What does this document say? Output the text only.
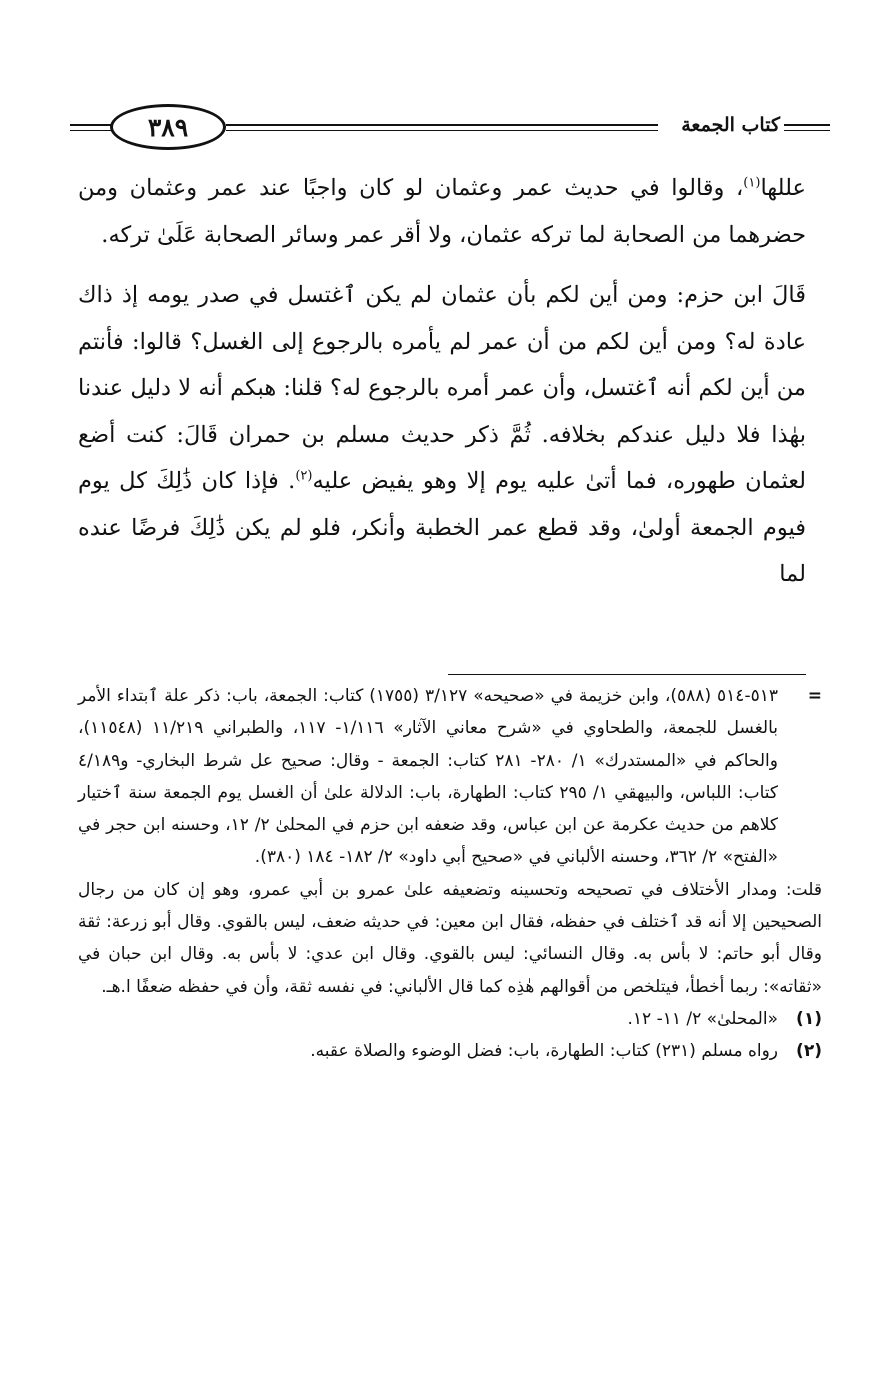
٣٨٩	كتاب الجمعة

عللها$^{(١)}$، وقالوا في حديث عمر وعثمان لو كان واجبًا عند عمر وعثمان ومن حضرهما من الصحابة لما تركه عثمان، ولا أقر عمر وسائر الصحابة عَلَىٰ تركه.

قَالَ ابن حزم: ومن أين لكم بأن عثمان لم يكن ٱغتسل في صدر يومه إذ ذاك عادة له؟ ومن أين لكم من أن عمر لم يأمره بالرجوع إلى الغسل؟ قالوا: فأنتم من أين لكم أنه ٱغتسل، وأن عمر أمره بالرجوع له؟ قلنا: هبكم أنه لا دليل عندنا بهٰذا فلا دليل عندكم بخلافه. ثُمَّ ذكر حديث مسلم بن حمران قَالَ: كنت أضع لعثمان طهوره، فما أتىٰ عليه يوم إلا وهو يفيض عليه$^{(٢)}$. فإذا كان ذَٰلِكَ كل يوم فيوم الجمعة أولىٰ، وقد قطع عمر الخطبة وأنكر، فلو لم يكن ذَٰلِكَ فرضًا عنده لما

=
٥١٣-٥١٤ (٥٨٨)، وابن خزيمة في «صحيحه» ٣/١٢٧ (١٧٥٥) كتاب: الجمعة، باب: ذكر علة ٱبتداء الأمر بالغسل للجمعة، والطحاوي في «شرح معاني الآثار» ١/١١٦- ١١٧، والطبراني ١١/٢١٩ (١١٥٤٨)، والحاكم في «المستدرك» ١/ ٢٨٠- ٢٨١ كتاب: الجمعة - وقال: صحيح عل شرط البخاري- و٤/١٨٩ كتاب: اللباس، والبيهقي ١/ ٢٩٥ كتاب: الطهارة، باب: الدلالة علىٰ أن الغسل يوم الجمعة سنة ٱختيار كلاهم من حديث عكرمة عن ابن عباس، وقد ضعفه ابن حزم في المحلىٰ ٢/ ١٢، وحسنه ابن حجر في «الفتح» ٢/ ٣٦٢، وحسنه الألباني في «صحيح أبي داود» ٢/ ١٨٢- ١٨٤ (٣٨٠).
قلت: ومدار الأختلاف في تصحيحه وتحسينه وتضعيفه علىٰ عمرو بن أبي عمرو، وهو إن كان من رجال الصحيحين إلا أنه قد ٱختلف في حفظه، فقال ابن معين: في حديثه ضعف، ليس بالقوي. وقال أبو زرعة: ثقة وقال أبو حاتم: لا بأس به. وقال النسائي: ليس بالقوي. وقال ابن عدي: لا بأس به. وقال ابن حبان في «ثقاته»: ربما أخطأ، فيتلخص من أقوالهم هٰذِه كما قال الألباني: في نفسه ثقة، وأن في حفظه ضعفًا ا.هـ.
(١)
«المحلىٰ» ٢/ ١١- ١٢.
(٢)
رواه مسلم (٢٣١) كتاب: الطهارة، باب: فضل الوضوء والصلاة عقبه.
